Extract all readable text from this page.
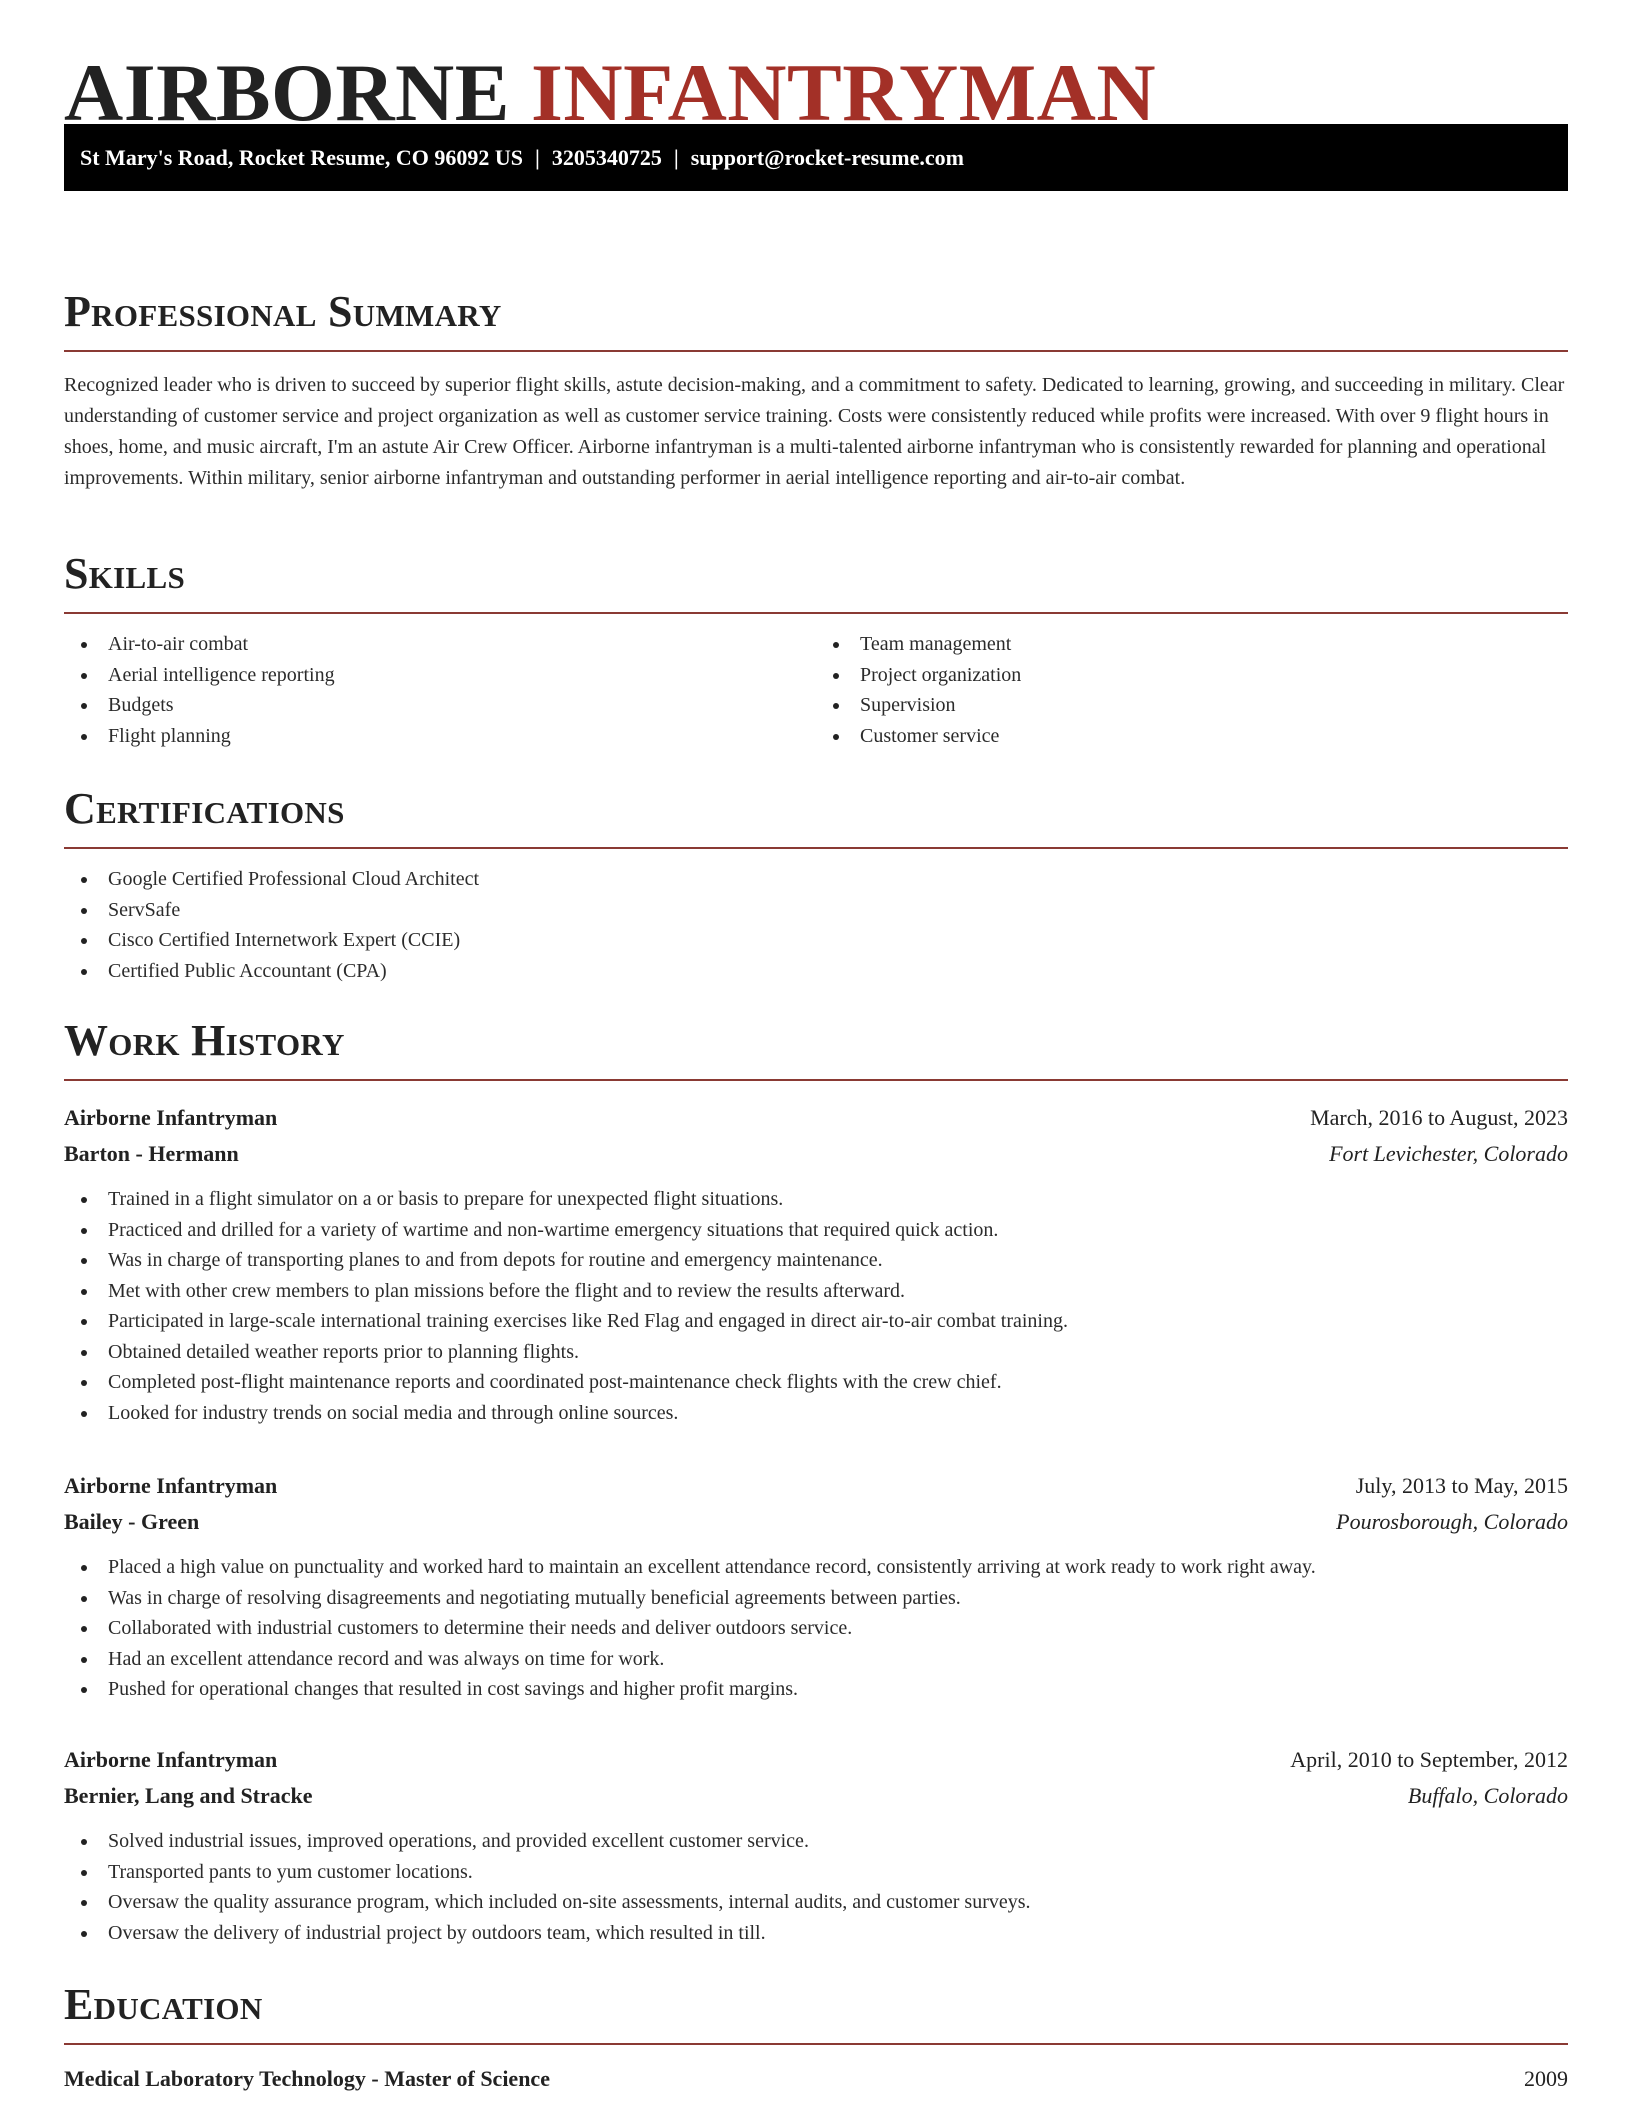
AIRBORNE INFANTRYMAN
St Mary's Road, Rocket Resume, CO 96092 US | 3205340725 | support@rocket-resume.com
Professional Summary

Recognized leader who is driven to succeed by superior flight skills, astute decision-making, and a commitment to safety. Dedicated to learning, growing, and succeeding in military. Clear understanding of customer service and project organization as well as customer service training. Costs were consistently reduced while profits were increased. With over 9 flight hours in shoes, home, and music aircraft, I'm an astute Air Crew Officer. Airborne infantryman is a multi-talented airborne infantryman who is consistently rewarded for planning and operational improvements. Within military, senior airborne infantryman and outstanding performer in aerial intelligence reporting and air-to-air combat.

Skills
Air-to-air combat
Aerial intelligence reporting
Budgets
Flight planning
Team management
Project organization
Supervision
Customer service
Certifications
Google Certified Professional Cloud Architect
ServSafe
Cisco Certified Internetwork Expert (CCIE)
Certified Public Accountant (CPA)
Work History
Airborne Infantryman	March, 2016 to August, 2023
Barton - Hermann	Fort Levichester, Colorado
Trained in a flight simulator on a or basis to prepare for unexpected flight situations.
Practiced and drilled for a variety of wartime and non-wartime emergency situations that required quick action.
Was in charge of transporting planes to and from depots for routine and emergency maintenance.
Met with other crew members to plan missions before the flight and to review the results afterward.
Participated in large-scale international training exercises like Red Flag and engaged in direct air-to-air combat training.
Obtained detailed weather reports prior to planning flights.
Completed post-flight maintenance reports and coordinated post-maintenance check flights with the crew chief.
Looked for industry trends on social media and through online sources.
Airborne Infantryman	July, 2013 to May, 2015
Bailey - Green	Pourosborough, Colorado
Placed a high value on punctuality and worked hard to maintain an excellent attendance record, consistently arriving at work ready to work right away.
Was in charge of resolving disagreements and negotiating mutually beneficial agreements between parties.
Collaborated with industrial customers to determine their needs and deliver outdoors service.
Had an excellent attendance record and was always on time for work.
Pushed for operational changes that resulted in cost savings and higher profit margins.
Airborne Infantryman	April, 2010 to September, 2012
Bernier, Lang and Stracke	Buffalo, Colorado
Solved industrial issues, improved operations, and provided excellent customer service.
Transported pants to yum customer locations.
Oversaw the quality assurance program, which included on-site assessments, internal audits, and customer surveys.
Oversaw the delivery of industrial project by outdoors team, which resulted in till.
Education
Medical Laboratory Technology - Master of Science	2009
